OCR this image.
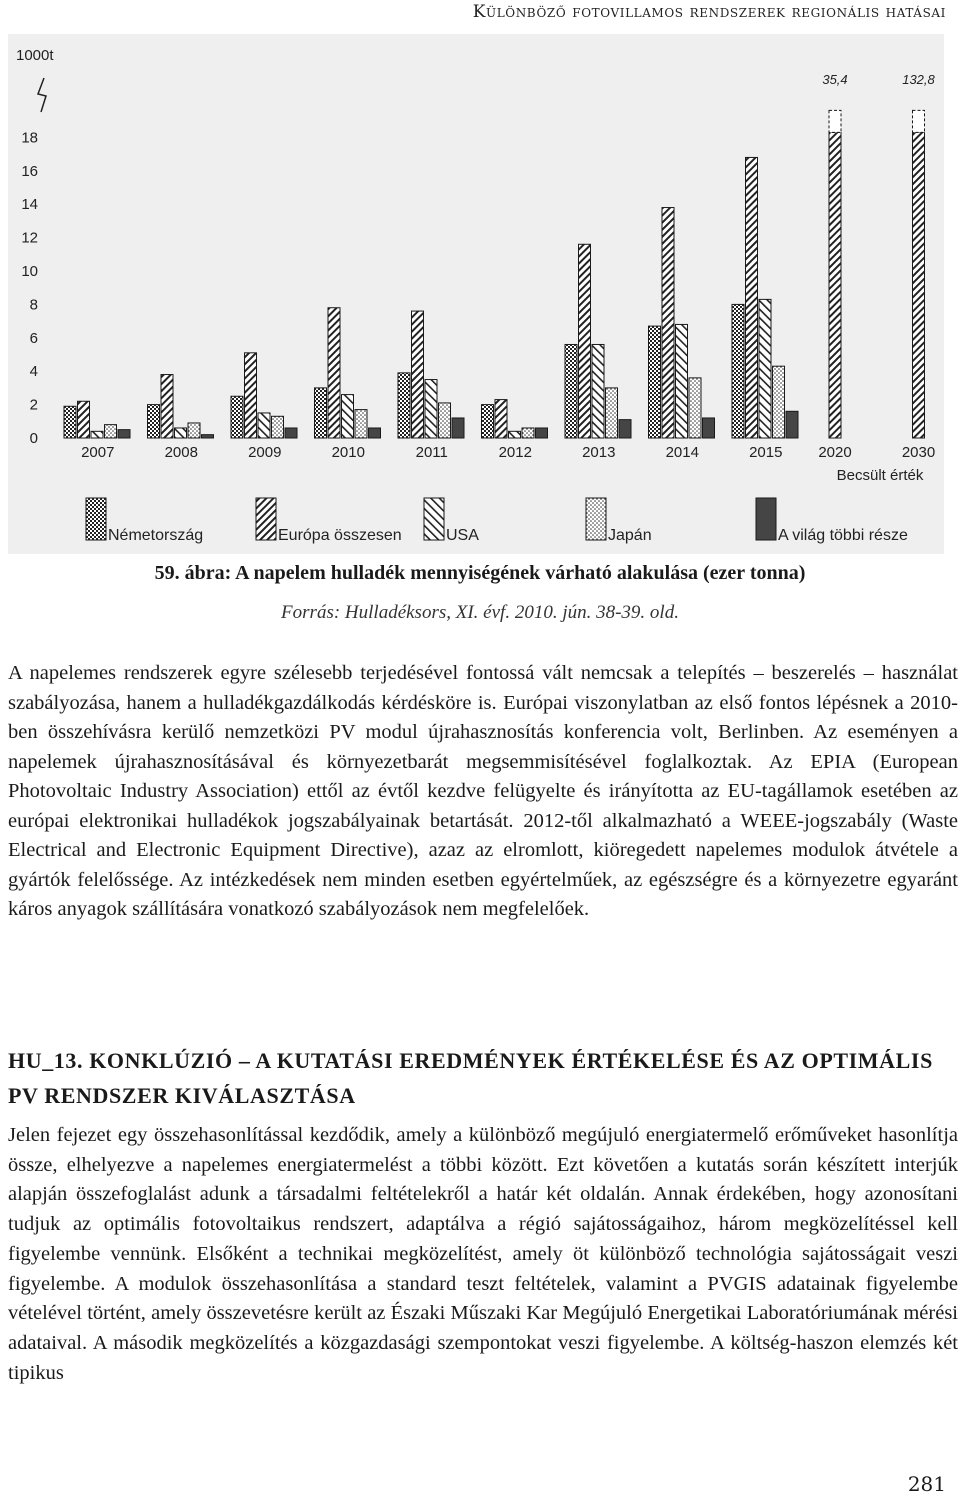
Különböző fotovillamos rendszerek regionális hatásai
0
2
4
6
8
10
12
14
16
18
1000t
2007	2008	2009	2010	2011	2012	2013	2014	2015 2020	2030
35,4	132,8
Becsült érték
Németország	Európa összesen	USA	Japán	A világ többi része
59. ábra: A napelem hulladék mennyiségének várható alakulása (ezer tonna)
Forrás: Hulladéksors, XI. évf. 2010. jún. 38-39. old.

A napelemes rendszerek egyre szélesebb terjedésével fontossá vált nemcsak a telepítés – beszerelés – használat szabályozása, hanem a hulladékgazdálkodás kérdésköre is. Európai viszonylatban az első fontos lépésnek a 2010-ben összehívásra kerülő nemzetközi PV modul újrahasznosítás konferencia volt, Berlinben. Az eseményen a napelemek újrahasznosításával és környezetbarát megsemmisítésével foglalkoztak. Az EPIA (European Photovoltaic Industry Association) ettől az évtől kezdve felügyelte és irányította az EU-tagállamok esetében az európai elektronikai hulladékok jogszabályainak betartását. 2012-től alkalmazható a WEEE-jogszabály (Waste Electrical and Electronic Equipment Directive), azaz az elromlott, kiöregedett napelemes modulok átvétele a gyártók felelőssége. Az intézkedések nem minden esetben egyértelműek, az egészségre és a környezetre egyaránt káros anyagok szállítására vonatkozó szabályozások nem megfelelőek.

HU_13. KONKLÚZIÓ – A KUTATÁSI EREDMÉNYEK ÉRTÉKELÉSE ÉS AZ OPTIMÁLIS PV RENDSZER KIVÁLASZTÁSA

Jelen fejezet egy összehasonlítással kezdődik, amely a különböző megújuló energiatermelő erőműveket hasonlítja össze, elhelyezve a napelemes energiatermelést a többi között. Ezt követően a kutatás során készített interjúk alapján összefoglalást adunk a társadalmi feltételekről a határ két oldalán. Annak érdekében, hogy azonosítani tudjuk az optimális fotovoltaikus rendszert, adaptálva a régió sajátosságaihoz, három megközelítéssel kell figyelembe vennünk. Elsőként a technikai megközelítést, amely öt különböző technológia sajátosságait veszi figyelembe. A modulok összehasonlítása a standard teszt feltételek, valamint a PVGIS adatainak figyelembe vételével történt, amely összevetésre került az Északi Műszaki Kar Megújuló Energetikai Laboratóriumának mérési adataival. A második megközelítés a közgazdasági szempontokat veszi figyelembe. A költség-haszon elemzés két tipikus

281
